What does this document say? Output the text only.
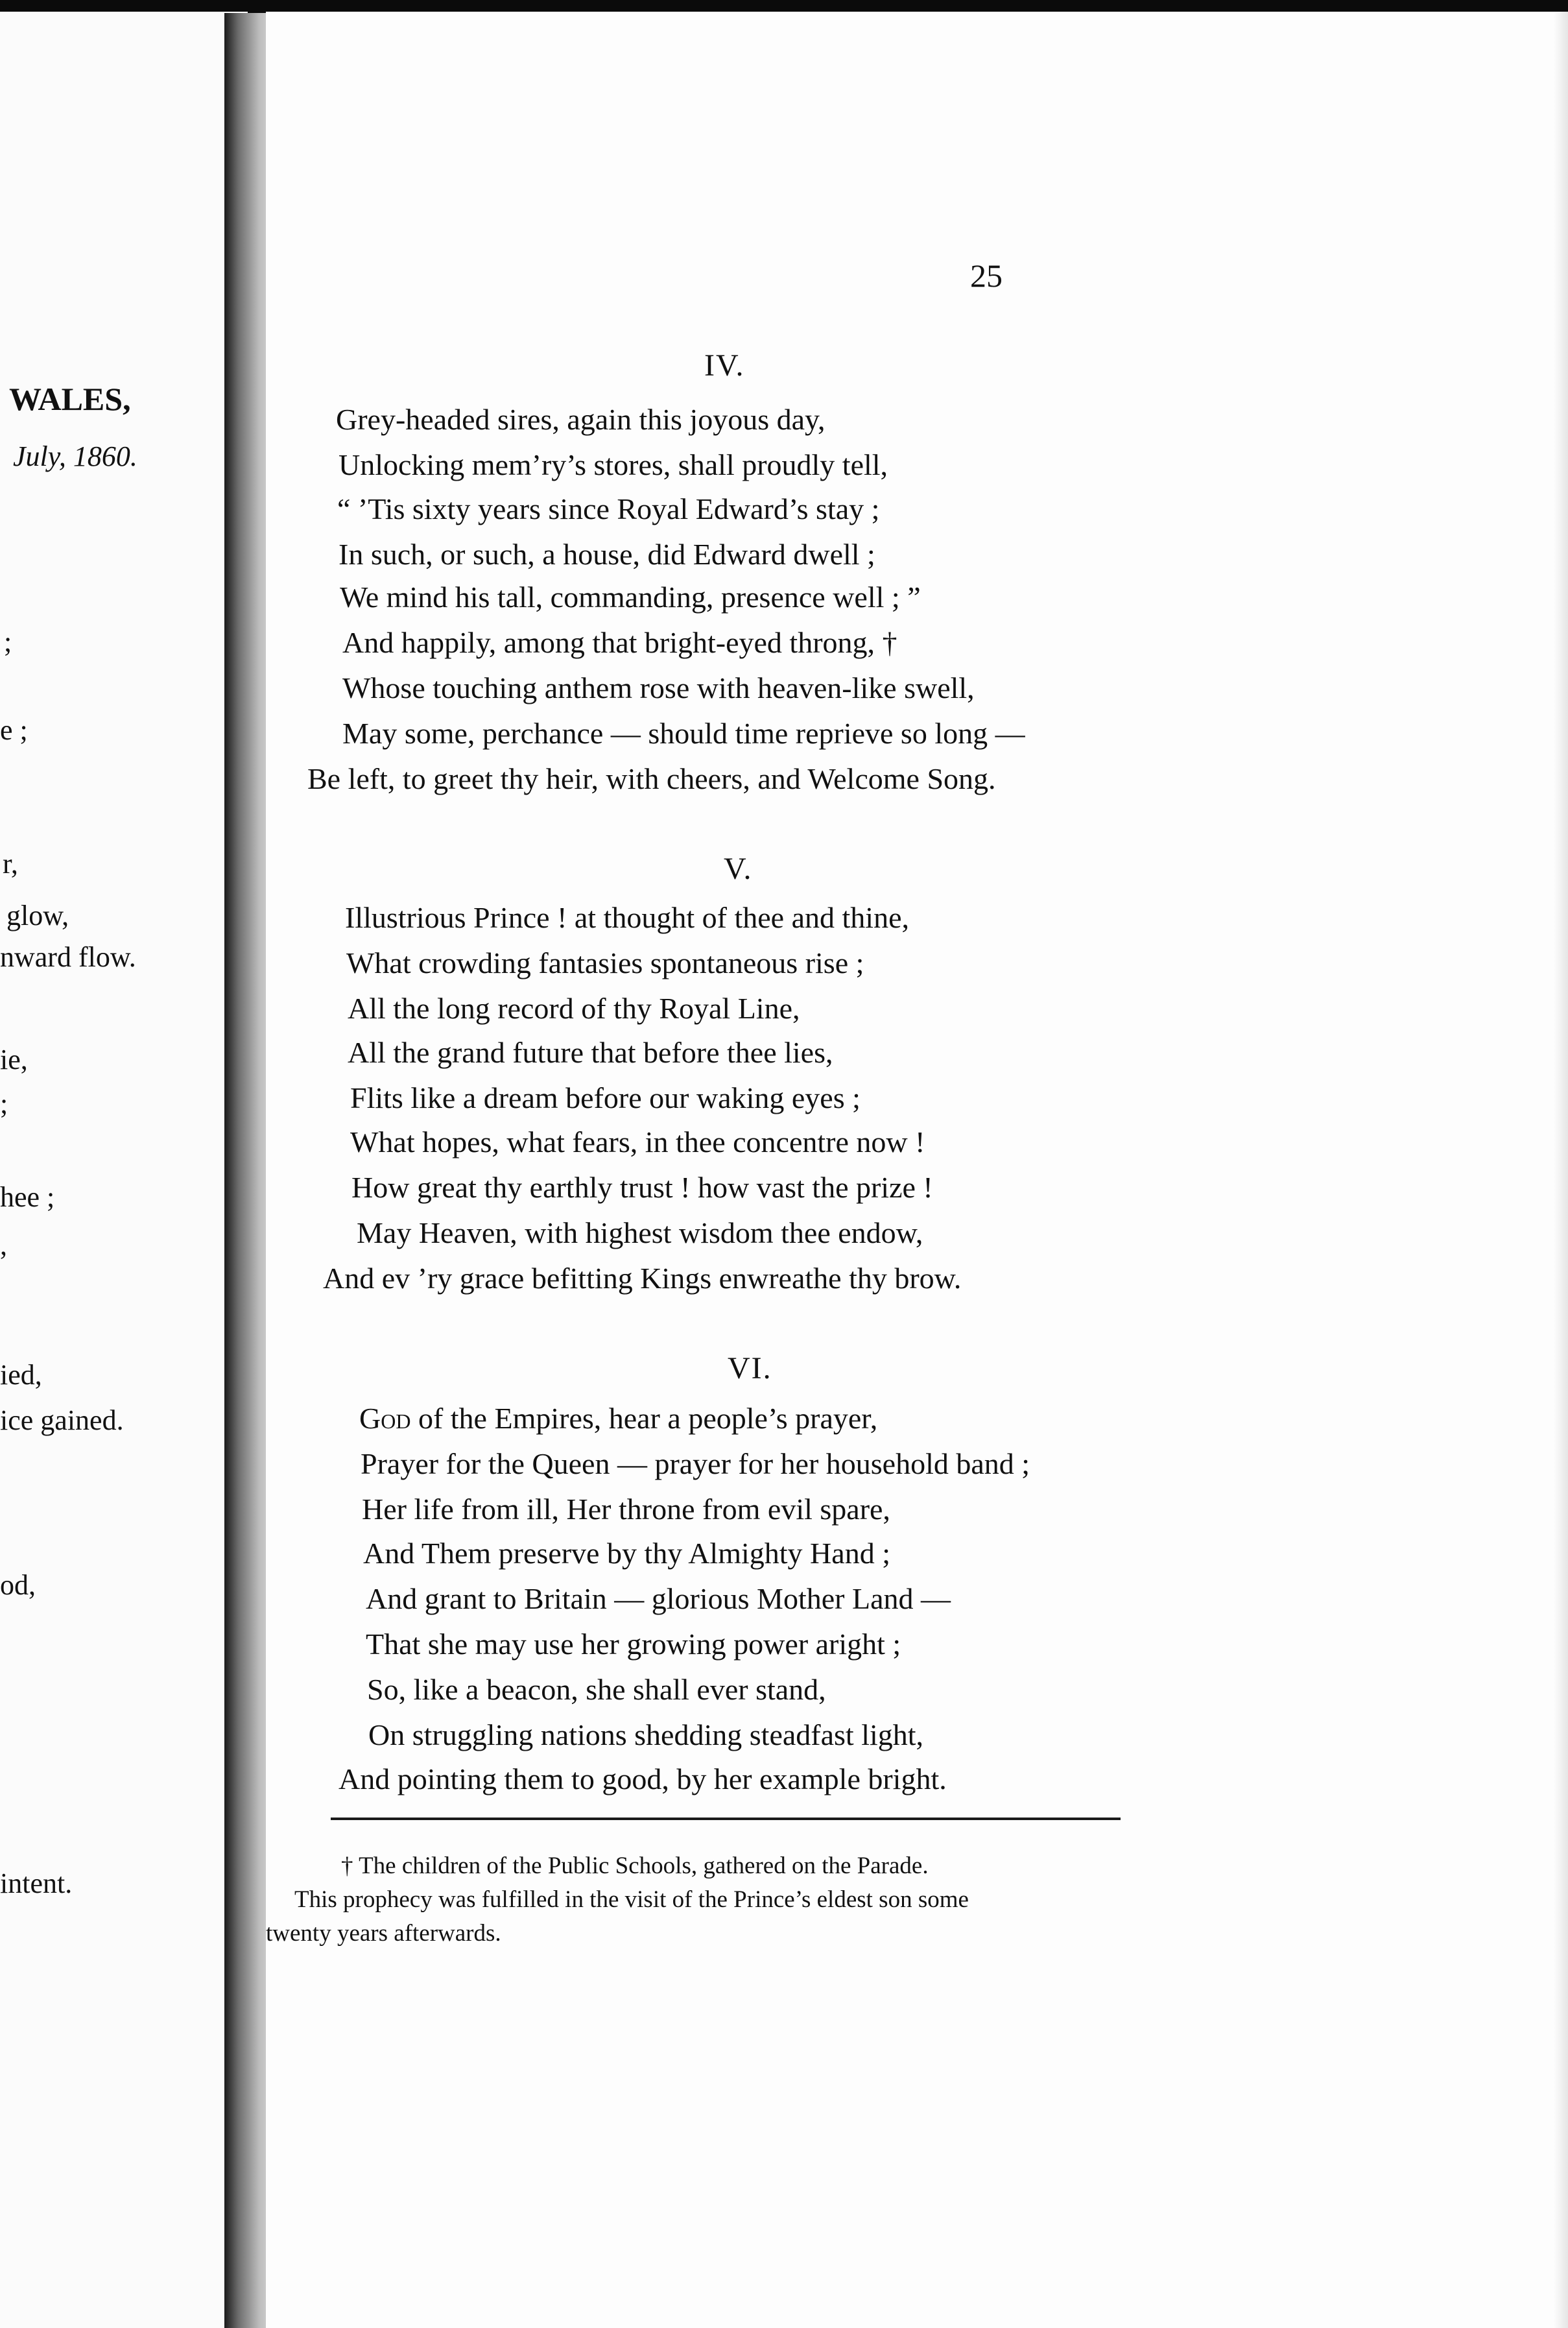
WALES,
July, 1860.
;
e ;
r,
glow,
nward flow.
ie,
;
hee ;
,
ied,
ice gained.
od,
intent.
25
IV.
Grey-headed sires, again this joyous day,
Unlocking mem’ry’s stores, shall proudly tell,
“ ’Tis sixty years since Royal Edward’s stay ;
In such, or such, a house, did Edward dwell ;
We mind his tall, commanding, presence well ; ”
And happily, among that bright-eyed throng, †
Whose touching anthem rose with heaven-like swell,
May some, perchance — should time reprieve so long —
Be left, to greet thy heir, with cheers, and Welcome Song.
V.
Illustrious Prince ! at thought of thee and thine,
What crowding fantasies spontaneous rise ;
All the long record of thy Royal Line,
All the grand future that before thee lies,
Flits like a dream before our waking eyes ;
What hopes, what fears, in thee concentre now !
How great thy earthly trust ! how vast the prize !
May Heaven, with highest wisdom thee endow,
And ev ’ry grace befitting Kings enwreathe thy brow.
VI.
God of the Empires, hear a people’s prayer,
Prayer for the Queen — prayer for her household band ;
Her life from ill, Her throne from evil spare,
And Them preserve by thy Almighty Hand ;
And grant to Britain — glorious Mother Land —
That she may use her growing power aright ;
So, like a beacon, she shall ever stand,
On struggling nations shedding steadfast light,
And pointing them to good, by her example bright.
† The children of the Public Schools, gathered on the Parade.
This prophecy was fulfilled in the visit of the Prince’s eldest son some
twenty years afterwards.
